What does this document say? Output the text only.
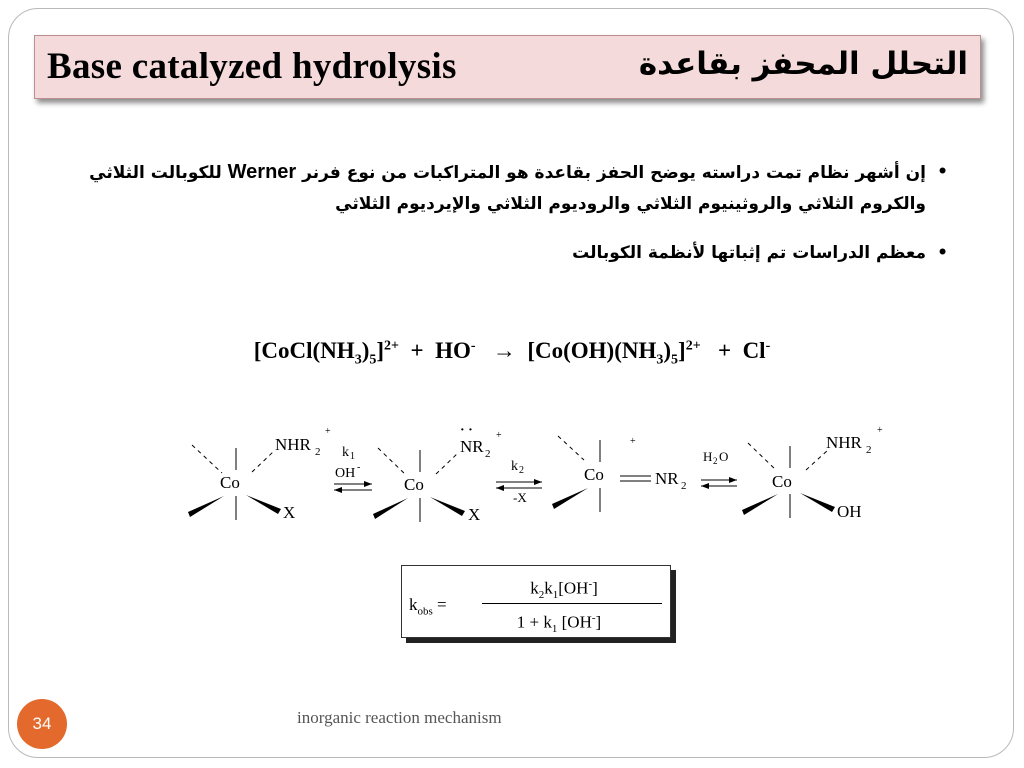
Base catalyzed hydrolysis	التحلل المحفز بقاعدة
•
إن أشهر نظام تمت دراسته يوضح الحفز بقاعدة هو المتراكبات من نوع فرنر Werner للكوبالت الثلاثي والكروم الثلاثي والروثينيوم الثلاثي والروديوم الثلاثي والإيرديوم الثلاثي
•
معظم الدراسات تم إثباتها لأنظمة الكوبالت
$[CoCl(NH_3)_5]^{2+} + HO^- \to [Co(OH)(NH_3)_5]^{2+} + Cl^-$
Co
NHR 2
+
X
k 1
OH -
Co
· ·
NR 2
+
X
k 2
-X
Co
+
NR 2
H 2 O
Co
NHR 2
+
OH
$k_{obs}$ =
$k_2k_1[OH^-]$
$1 + k_1$ [OH-]
34	inorganic reaction mechanism
